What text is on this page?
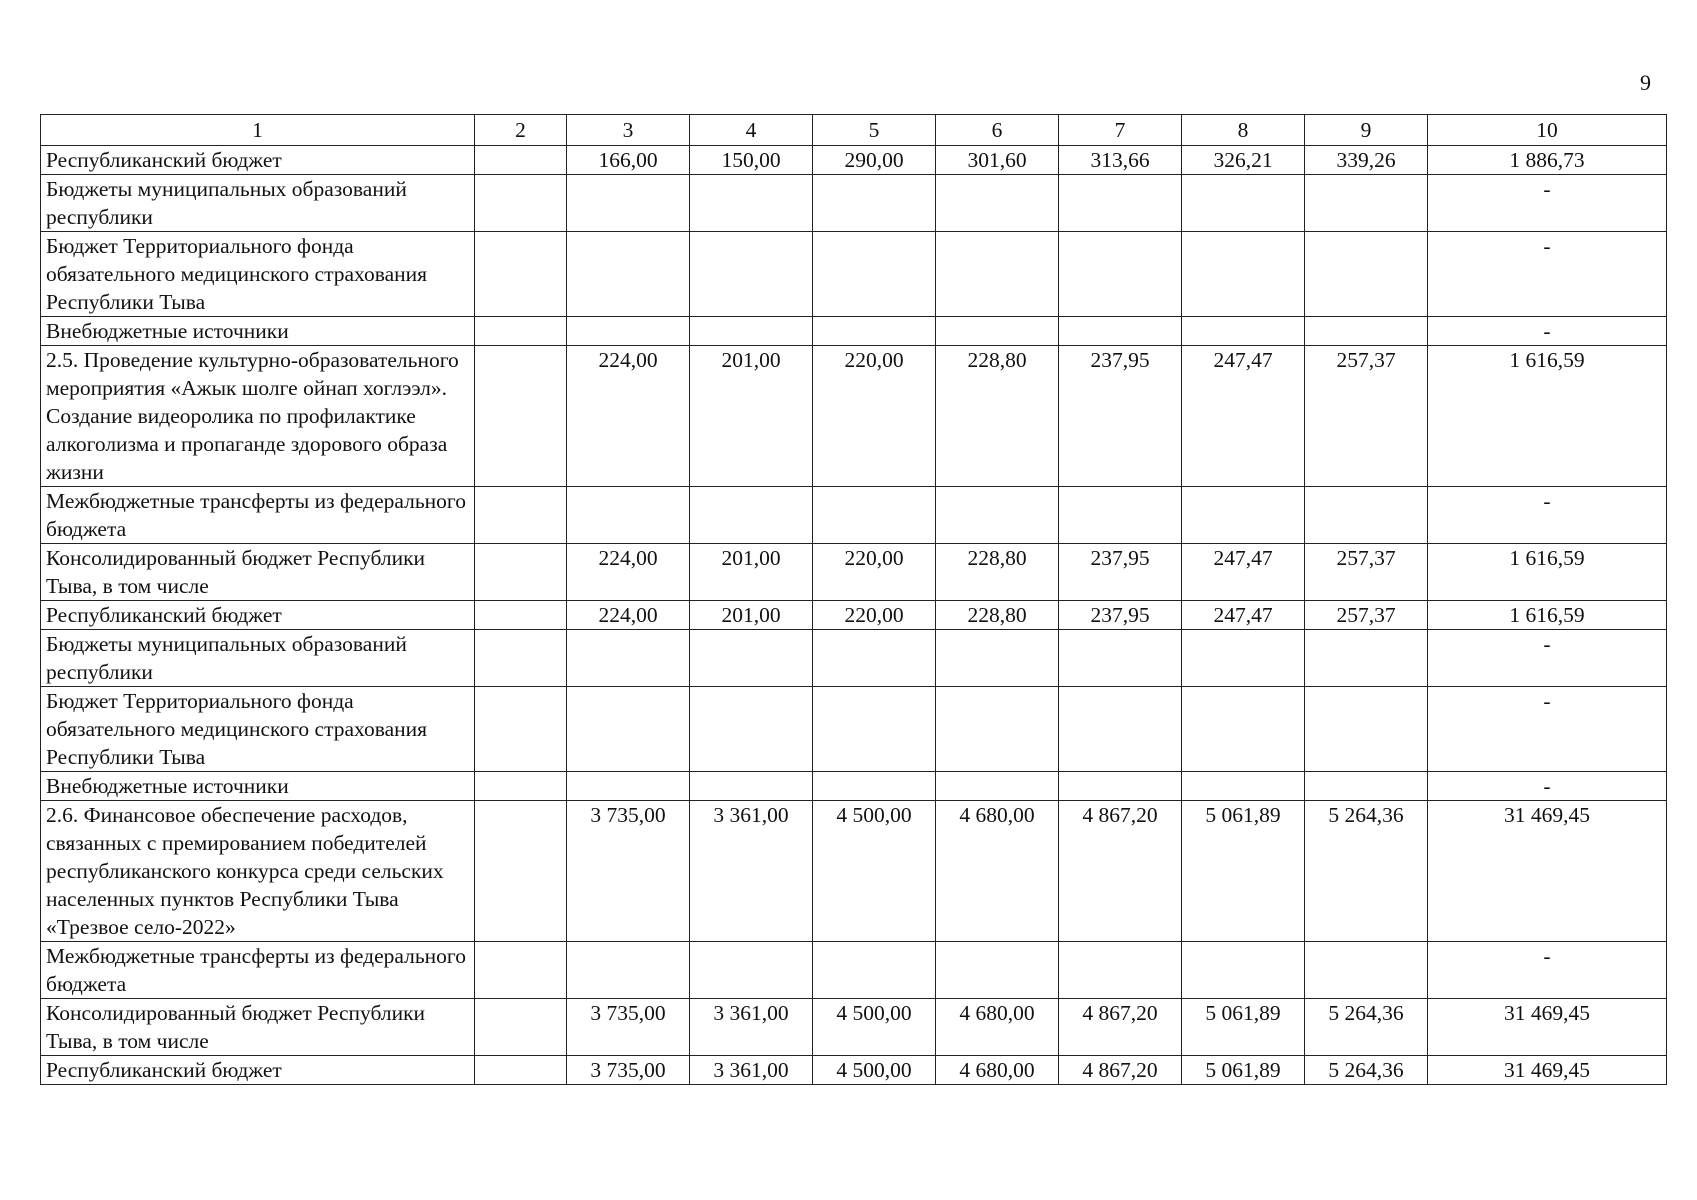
9
1	2	3	4	5	6	7	8	9	10
Республиканский бюджет		166,00	150,00	290,00	301,60	313,66	326,21	339,26	1 886,73
Бюджеты муниципальных образований республики									-
Бюджет Территориального фонда обязательного медицинского страхования Республики Тыва									-
Внебюджетные источники									-
2.5. Проведение культурно-образовательного мероприятия «Ажык шолге ойнап хоглээл». Создание видеоролика по профилактике алкоголизма и пропаганде здорового образа жизни		224,00	201,00	220,00	228,80	237,95	247,47	257,37	1 616,59
Межбюджетные трансферты из федерального бюджета									-
Консолидированный бюджет Республики Тыва, в том числе		224,00	201,00	220,00	228,80	237,95	247,47	257,37	1 616,59
Республиканский бюджет		224,00	201,00	220,00	228,80	237,95	247,47	257,37	1 616,59
Бюджеты муниципальных образований республики									-
Бюджет Территориального фонда обязательного медицинского страхования Республики Тыва									-
Внебюджетные источники									-
2.6. Финансовое обеспечение расходов, связанных с премированием победителей республиканского конкурса среди сельских населенных пунктов Республики Тыва «Трезвое село-2022»		3 735,00	3 361,00	4 500,00	4 680,00	4 867,20	5 061,89	5 264,36	31 469,45
Межбюджетные трансферты из федерального бюджета									-
Консолидированный бюджет Республики Тыва, в том числе		3 735,00	3 361,00	4 500,00	4 680,00	4 867,20	5 061,89	5 264,36	31 469,45
Республиканский бюджет		3 735,00	3 361,00	4 500,00	4 680,00	4 867,20	5 061,89	5 264,36	31 469,45
